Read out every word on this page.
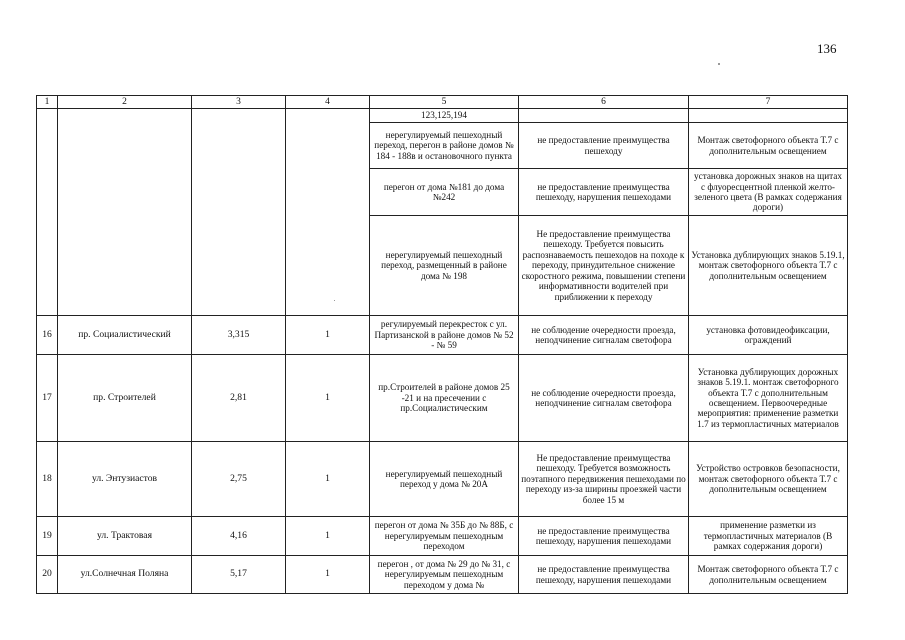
136
1	2	3	4	5	6	7
				123,125,194		
				нерегулируемый пешеходный переход, перегон в районе домов № 184 - 188в и остановочного пункта	не предоставление преимущества пешеходу	Монтаж светофорного объекта Т.7 с дополнительным освещением
				перегон от дома №181 до дома №242	не предоставление преимущества пешеходу, нарушения пешеходами	установка дорожных знаков на щитах с флуоресцентной пленкой желто-зеленого цвета (В рамках содержания дороги)
				нерегулируемый пешеходный переход, размещенный в районе дома № 198	Не предоставление преимущества пешеходу. Требуется повысить распознаваемость пешеходов на походе к переходу, принудительное снижение скоростного режима, повышении степени информативности водителей при приближении к переходу	Установка дублирующих знаков 5.19.1, монтаж светофорного объекта Т.7 с дополнительным освещением
16	пр. Социалистический	3,315	1	регулируемый перекресток с ул. Партизанской в районе домов № 52 - № 59	не соблюдение очередности проезда, неподчинение сигналам светофора	установка фотовидеофиксации, ограждений
17	пр. Строителей	2,81	1	пр.Строителей в районе домов 25 -21 и на пресечении с пр.Социалистическим	не соблюдение очередности проезда, неподчинение сигналам светофора	Установка дублирующих дорожных знаков 5.19.1. монтаж светофорного объекта Т.7 с дополнительным освещением. Первоочередные мероприятия: применение разметки 1.7 из термопластичных материалов
18	ул. Энтузиастов	2,75	1	нерегулируемый пешеходный переход у дома № 20А	Не предоставление преимущества пешеходу. Требуется возможность поэтапного передвижения пешеходами по переходу из-за ширины проезжей части более 15 м	Устройство островков безопасности, монтаж светофорного объекта Т.7 с дополнительным освещением
19	ул. Трактовая	4,16	1	перегон от дома № 35Б до № 88Б, с нерегулируемым пешеходным переходом	не предоставление преимущества пешеходу, нарушения пешеходами	применение разметки из термопластичных материалов (В рамках содержания дороги)
20	ул.Солнечная Поляна	5,17	1	перегон , от дома № 29 до № 31, с нерегулируемым пешеходным переходом у дома №	не предоставление преимущества пешеходу, нарушения пешеходами	Монтаж светофорного объекта Т.7 с дополнительным освещением
